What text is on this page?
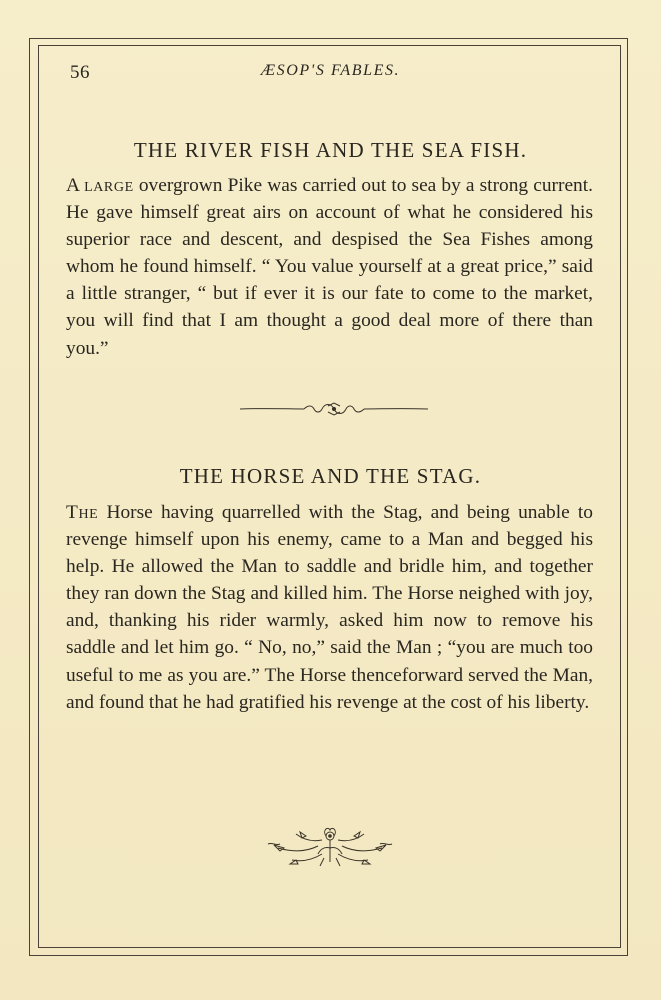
ÆSOP'S FABLES.
56
THE RIVER FISH AND THE SEA FISH.
A large overgrown Pike was carried out to sea by a strong current. He gave himself great airs on account of what he considered his superior race and descent, and despised the Sea Fishes among whom he found himself. “ You value yourself at a great price,” said a little stranger, “ but if ever it is our fate to come to the market, you will find that I am thought a good deal more of there than you.”
THE HORSE AND THE STAG.
The Horse having quarrelled with the Stag, and being unable to revenge himself upon his enemy, came to a Man and begged his help. He allowed the Man to saddle and bridle him, and together they ran down the Stag and killed him. The Horse neighed with joy, and, thanking his rider warmly, asked him now to remove his saddle and let him go. “ No, no,” said the Man ; “you are much too useful to me as you are.” The Horse thenceforward served the Man, and found that he had gratified his revenge at the cost of his liberty.
